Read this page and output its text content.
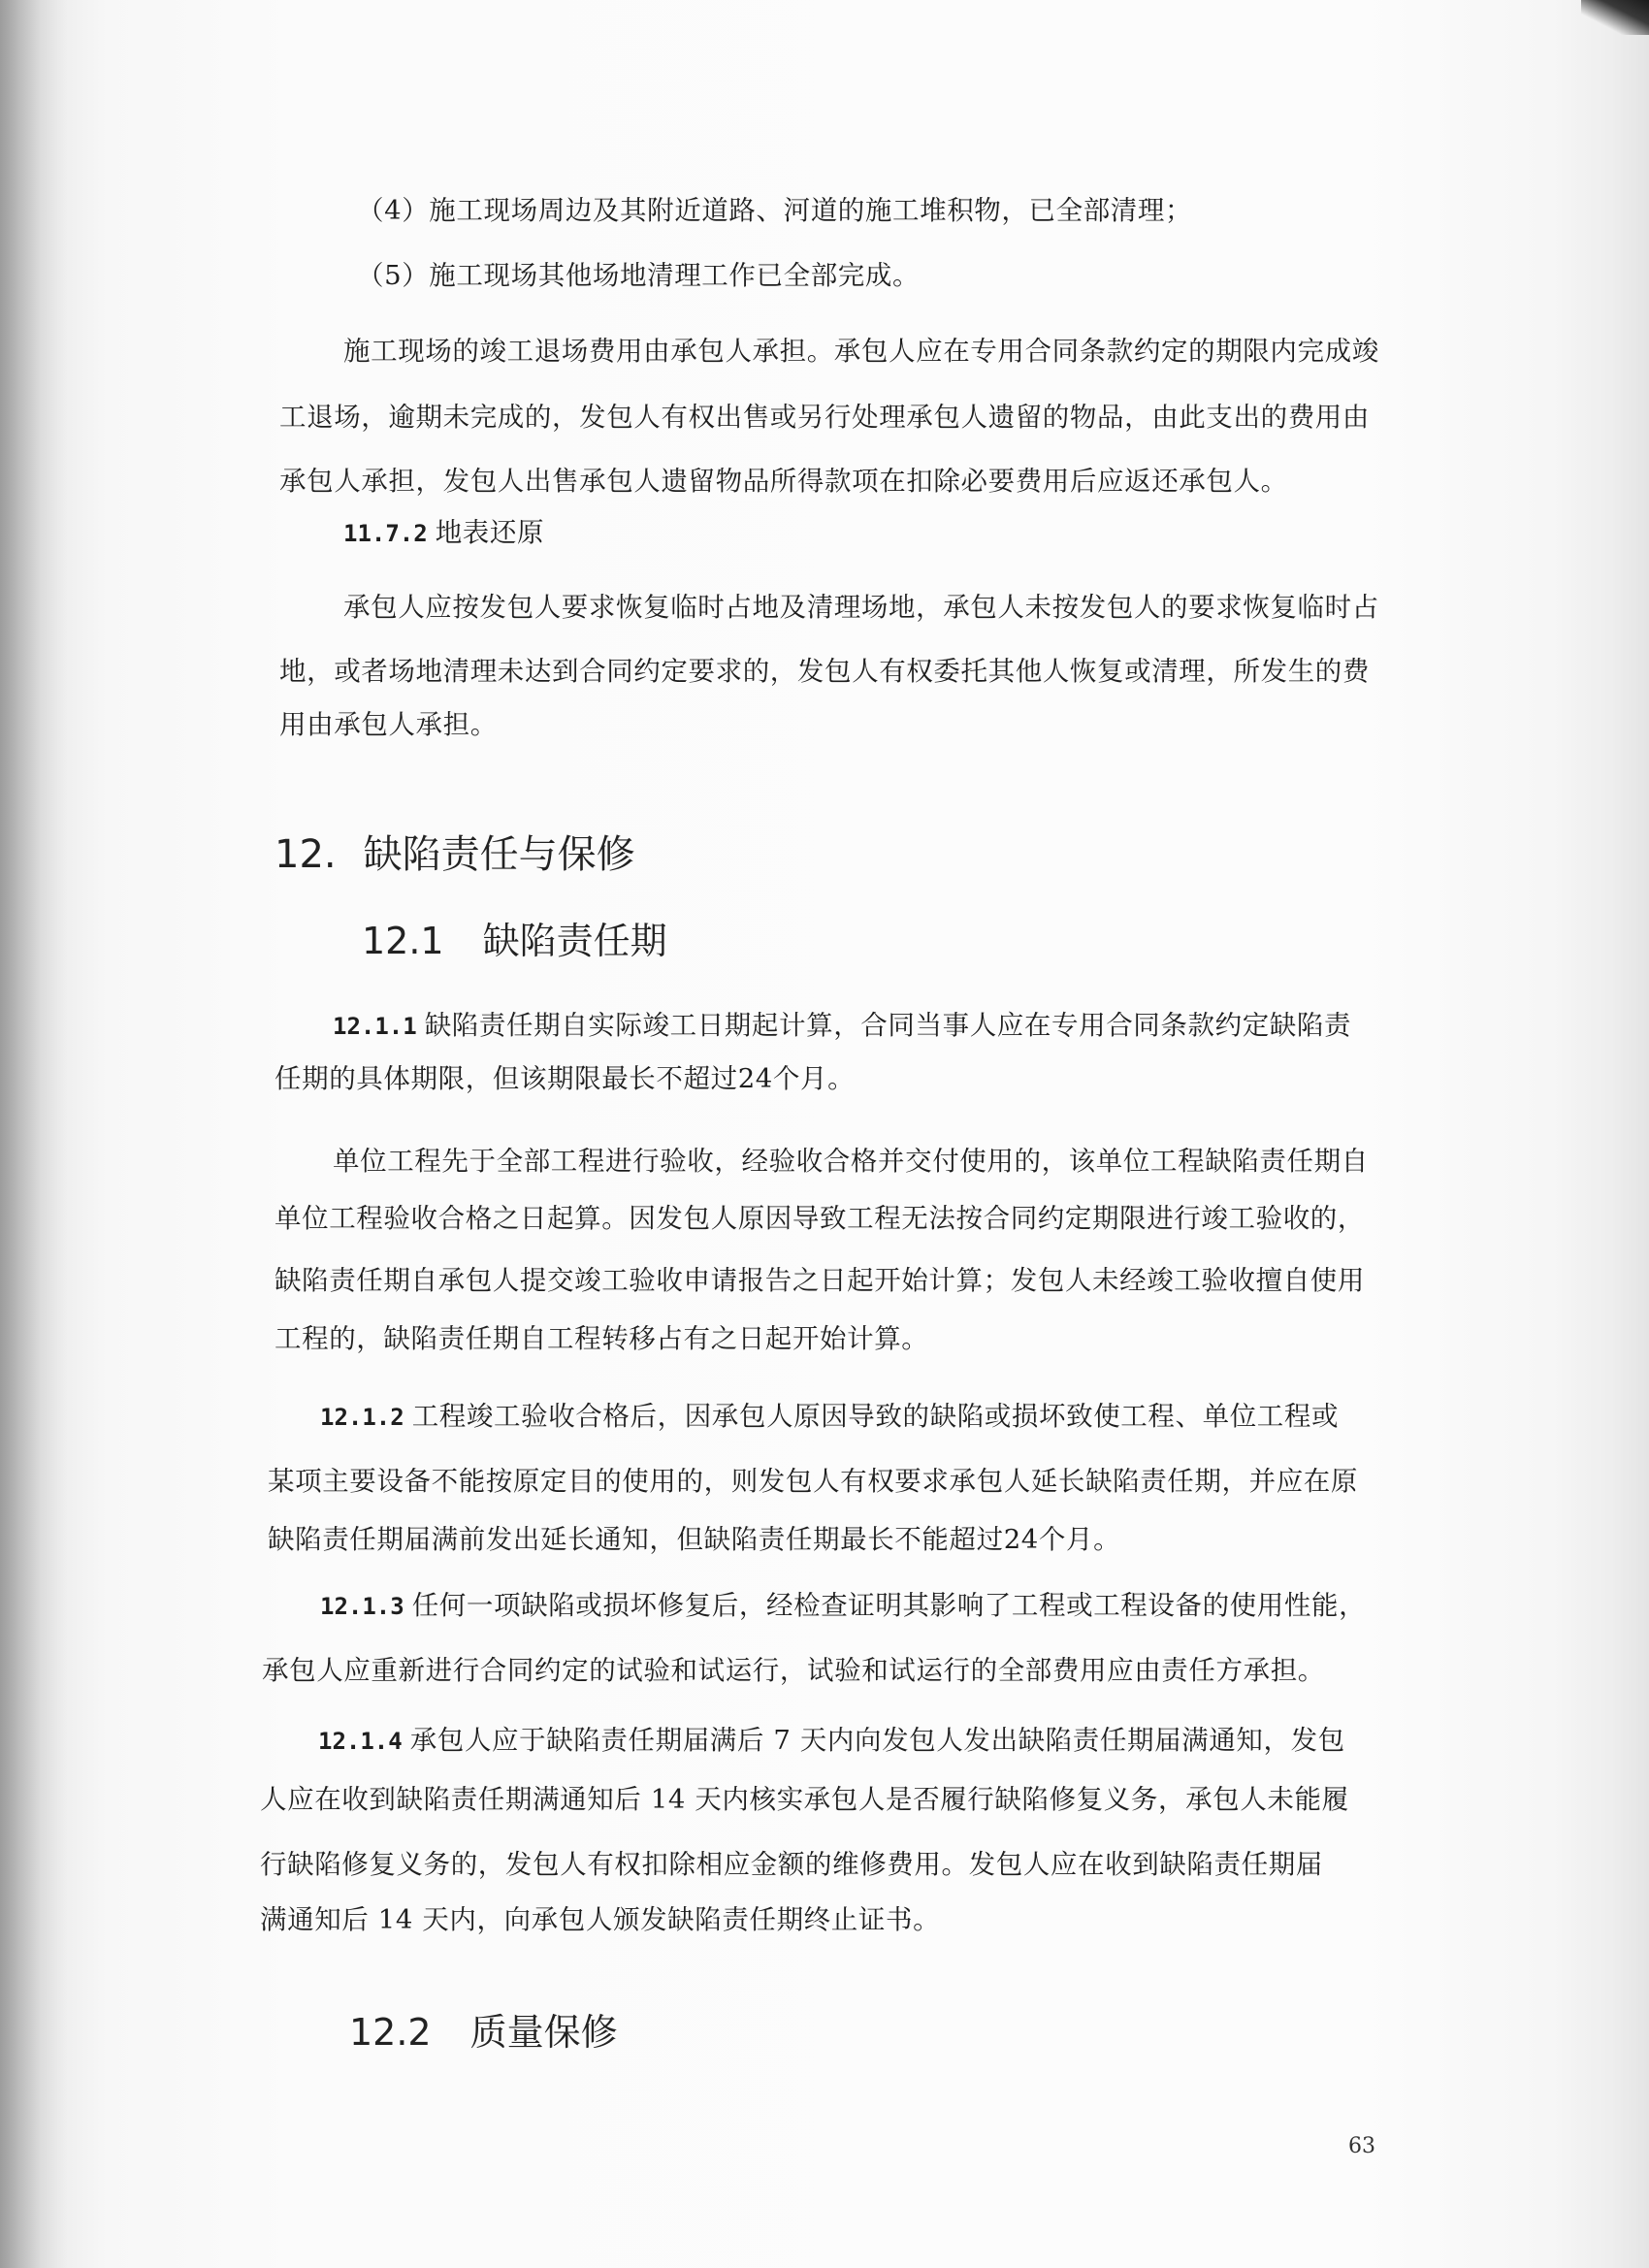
（4）施工现场周边及其附近道路、河道的施工堆积物，已全部清理；
（5）施工现场其他场地清理工作已全部完成。
施工现场的竣工退场费用由承包人承担。承包人应在专用合同条款约定的期限内完成竣
工退场，逾期未完成的，发包人有权出售或另行处理承包人遗留的物品，由此支出的费用由
承包人承担，发包人出售承包人遗留物品所得款项在扣除必要费用后应返还承包人。
11.7.2 地表还原
承包人应按发包人要求恢复临时占地及清理场地，承包人未按发包人的要求恢复临时占
地，或者场地清理未达到合同约定要求的，发包人有权委托其他人恢复或清理，所发生的费
用由承包人承担。
12. 缺陷责任与保修
12.1 缺陷责任期
12.1.1 缺陷责任期自实际竣工日期起计算，合同当事人应在专用合同条款约定缺陷责
任期的具体期限，但该期限最长不超过24个月。
单位工程先于全部工程进行验收，经验收合格并交付使用的，该单位工程缺陷责任期自
单位工程验收合格之日起算。因发包人原因导致工程无法按合同约定期限进行竣工验收的，
缺陷责任期自承包人提交竣工验收申请报告之日起开始计算；发包人未经竣工验收擅自使用
工程的，缺陷责任期自工程转移占有之日起开始计算。
12.1.2 工程竣工验收合格后，因承包人原因导致的缺陷或损坏致使工程、单位工程或
某项主要设备不能按原定目的使用的，则发包人有权要求承包人延长缺陷责任期，并应在原
缺陷责任期届满前发出延长通知，但缺陷责任期最长不能超过24个月。
12.1.3 任何一项缺陷或损坏修复后，经检查证明其影响了工程或工程设备的使用性能，
承包人应重新进行合同约定的试验和试运行，试验和试运行的全部费用应由责任方承担。
12.1.4 承包人应于缺陷责任期届满后 7 天内向发包人发出缺陷责任期届满通知，发包
人应在收到缺陷责任期满通知后 14 天内核实承包人是否履行缺陷修复义务，承包人未能履
行缺陷修复义务的，发包人有权扣除相应金额的维修费用。发包人应在收到缺陷责任期届
满通知后 14 天内，向承包人颁发缺陷责任期终止证书。
12.2 质量保修
63
